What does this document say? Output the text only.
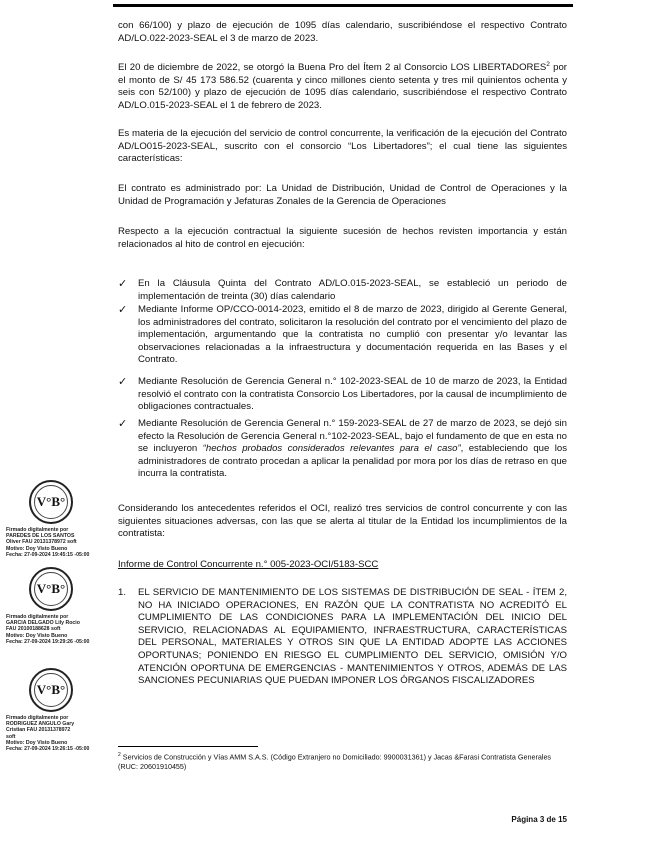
con 66/100) y plazo de ejecución de 1095 días calendario, suscribiéndose el respectivo Contrato AD/LO.022-2023-SEAL el 3 de marzo de 2023.
El 20 de diciembre de 2022, se otorgó la Buena Pro del Ítem 2 al Consorcio LOS LIBERTADORES$^2$ por el monto de S/ 45 173 586.52 (cuarenta y cinco millones ciento setenta y tres mil quinientos ochenta y seis con 52/100) y plazo de ejecución de 1095 días calendario, suscribiéndose el respectivo Contrato AD/LO.015-2023-SEAL el 1 de febrero de 2023.
Es materia de la ejecución del servicio de control concurrente, la verificación de la ejecución del Contrato AD/LO015-2023-SEAL, suscrito con el consorcio “Los Libertadores”; el cual tiene las siguientes características:
El contrato es administrado por: La Unidad de Distribución, Unidad de Control de Operaciones y la Unidad de Programación y Jefaturas Zonales de la Gerencia de Operaciones
Respecto a la ejecución contractual la siguiente sucesión de hechos revisten importancia y están relacionados al hito de control en ejecución:
✓ En la Cláusula Quinta del Contrato AD/LO.015-2023-SEAL, se estableció un periodo de implementación de treinta (30) días calendario
✓ Mediante Informe OP/CCO-0014-2023, emitido el 8 de marzo de 2023, dirigido al Gerente General, los administradores del contrato, solicitaron la resolución del contrato por el vencimiento del plazo de implementación, argumentando que la contratista no cumplió con presentar y/o levantar las observaciones relacionadas a la infraestructura y documentación requerida en las Bases y el Contrato.
✓ Mediante Resolución de Gerencia General n.° 102-2023-SEAL de 10 de marzo de 2023, la Entidad resolvió el contrato con la contratista Consorcio Los Libertadores, por la causal de incumplimiento de obligaciones contractuales.
✓ Mediante Resolución de Gerencia General n.° 159-2023-SEAL de 27 de marzo de 2023, se dejó sin efecto la Resolución de Gerencia General n.°102-2023-SEAL, bajo el fundamento de que en esta no se incluyeron “hechos probados considerados relevantes para el caso”, estableciendo que los administradores de contrato procedan a aplicar la penalidad por mora por los días de retraso en que incurra la contratista.
Considerando los antecedentes referidos el OCI, realizó tres servicios de control concurrente y con las siguientes situaciones adversas, con las que se alerta al titular de la Entidad los incumplimientos de la contratista:
Informe de Control Concurrente n.° 005-2023-OCI/5183-SCC
1. EL SERVICIO DE MANTENIMIENTO DE LOS SISTEMAS DE DISTRIBUCIÓN DE SEAL - ÍTEM 2, NO HA INICIADO OPERACIONES, EN RAZÓN QUE LA CONTRATISTA NO ACREDITÓ EL CUMPLIMIENTO DE LAS CONDICIONES PARA LA IMPLEMENTACIÓN DEL INICIO DEL SERVICIO, RELACIONADAS AL EQUIPAMIENTO, INFRAESTRUCTURA, CARACTERÍSTICAS DEL PERSONAL, MATERIALES Y OTROS SIN QUE LA ENTIDAD ADOPTE LAS ACCIONES OPORTUNAS; PONIENDO EN RIESGO EL CUMPLIMIENTO DEL SERVICIO, OMISIÓN Y/O ATENCIÓN OPORTUNA DE EMERGENCIAS - MANTENIMIENTOS Y OTROS, ADEMÁS DE LAS SANCIONES PECUNIARIAS QUE PUEDAN IMPONER LOS ÓRGANOS FISCALIZADORES
$^2$ Servicios de Construcción y Vías AMM S.A.S. (Código Extranjero no Domiciliado: 9900031361) y Jacas &Farasi Contratista Generales (RUC: 20601910455)
Página 3 de 15
V°B°
Firmado digitalmente por
PAREDES DE LOS SANTOS
Oliver FAU 20131378972 soft
Motivo: Doy Visto Bueno
Fecha: 27-09-2024 19:45:15 -05:00
V°B°
Firmado digitalmente por
GARCIA DELGADO Lily Rocio
FAU 20100188628 soft
Motivo: Doy Visto Bueno
Fecha: 27-09-2024 19:29:26 -05:00
V°B°
Firmado digitalmente por
RODRIGUEZ ANGULO Gary
Cristian FAU 20131378972
soft
Motivo: Doy Visto Bueno
Fecha: 27-09-2024 19:26:15 -05:00
